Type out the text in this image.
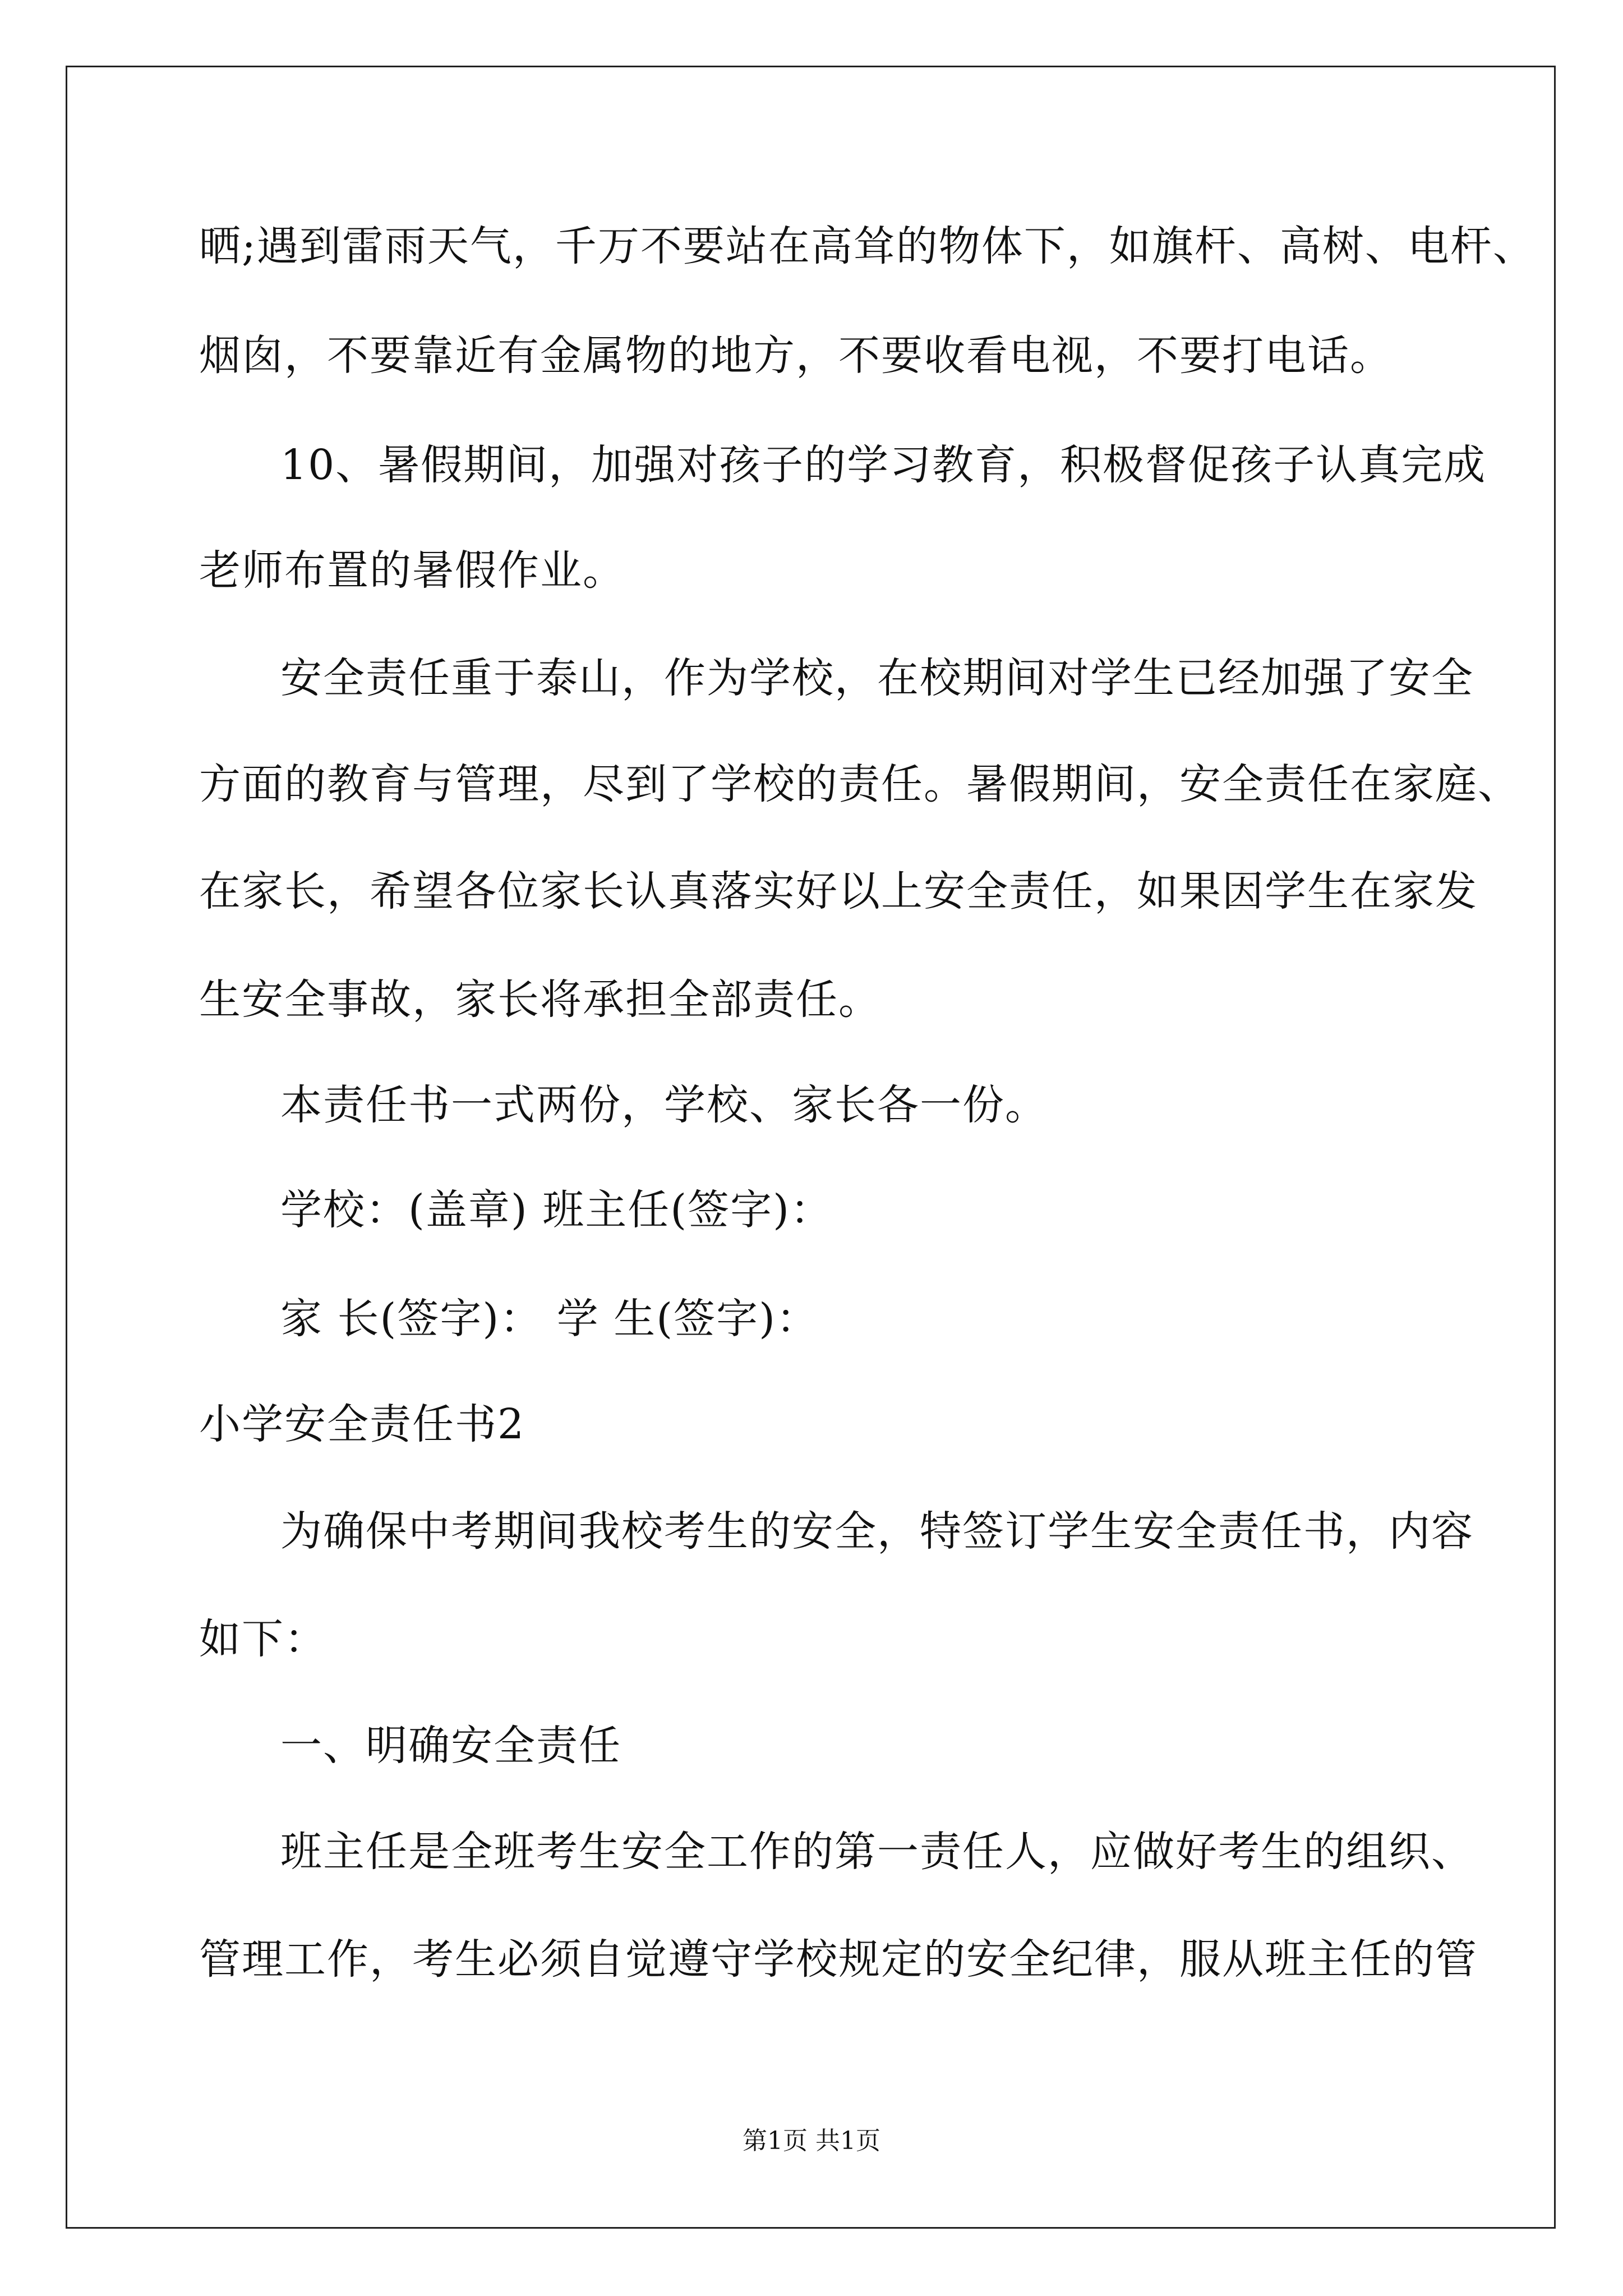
晒;遇到雷雨天气，千万不要站在高耸的物体下，如旗杆、高树、电杆、
烟囱，不要靠近有金属物的地方，不要收看电视，不要打电话。
10、暑假期间，加强对孩子的学习教育，积极督促孩子认真完成
老师布置的暑假作业。
安全责任重于泰山，作为学校，在校期间对学生已经加强了安全
方面的教育与管理，尽到了学校的责任。暑假期间，安全责任在家庭、
在家长，希望各位家长认真落实好以上安全责任，如果因学生在家发
生安全事故，家长将承担全部责任。
本责任书一式两份，学校、家长各一份。
学校：(盖章) 班主任(签字)：
家 长(签字)： 学 生(签字)：
小学安全责任书2
为确保中考期间我校考生的安全，特签订学生安全责任书，内容
如下：
一、明确安全责任
班主任是全班考生安全工作的第一责任人，应做好考生的组织、
管理工作，考生必须自觉遵守学校规定的安全纪律，服从班主任的管
第1页 共1页
